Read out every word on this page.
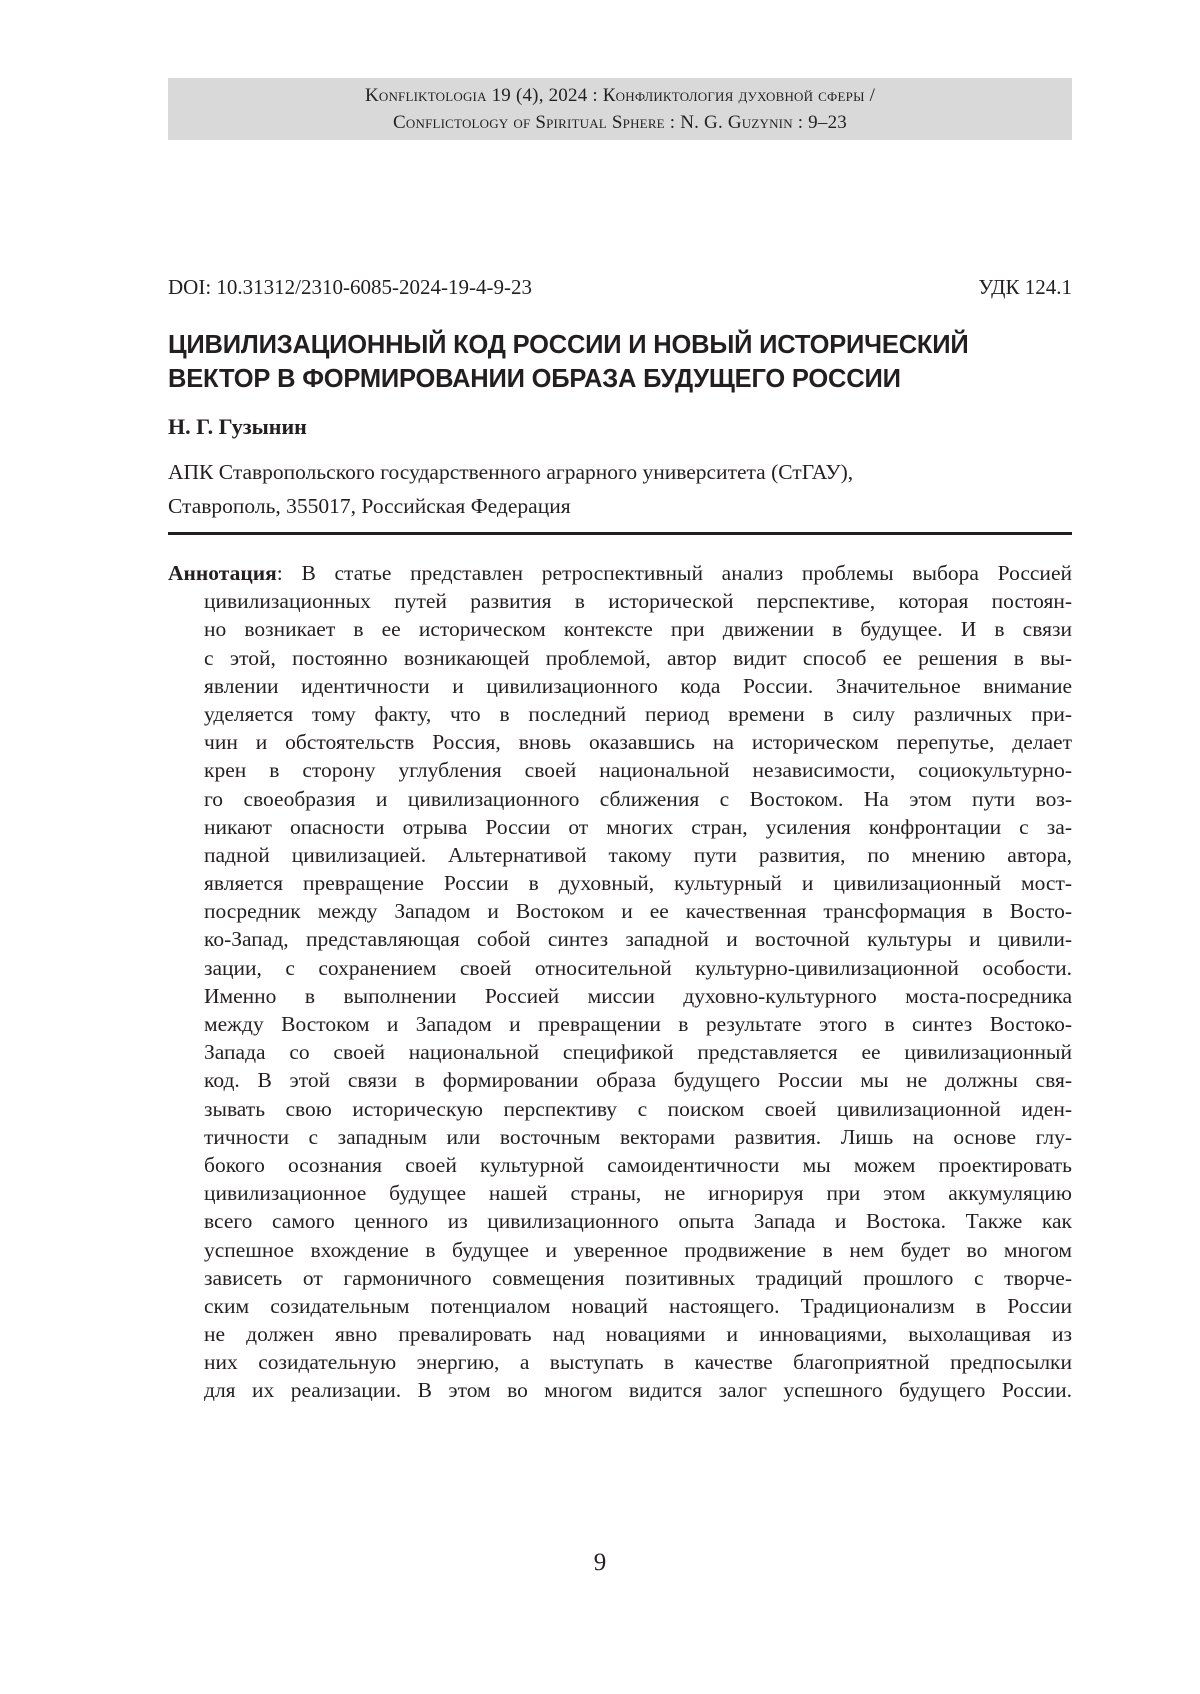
Konfliktologia 19 (4), 2024 : Конфликтология духовной сферы /
Conflictology of Spiritual Sphere : N. G. Guzynin : 9–23
DOI: 10.31312/2310-6085-2024-19-4-9-23	УДК 124.1
ЦИВИЛИЗАЦИОННЫЙ КОД РОССИИ И НОВЫЙ ИСТОРИЧЕСКИЙ
ВЕКТОР В ФОРМИРОВАНИИ ОБРАЗА БУДУЩЕГО РОССИИ
Н. Г. Гузынин
АПК Ставропольского государственного аграрного университета (СтГАУ),
Ставрополь, 355017, Российская Федерация
Аннотация: В статье представлен ретроспективный анализ проблемы выбора Россией
цивилизационных путей развития в исторической перспективе, которая постоян-
но возникает в ее историческом контексте при движении в будущее. И в связи
с этой, постоянно возникающей проблемой, автор видит способ ее решения в вы-
явлении идентичности и цивилизационного кода России. Значительное внимание
уделяется тому факту, что в последний период времени в силу различных при-
чин и обстоятельств Россия, вновь оказавшись на историческом перепутье, делает
крен в сторону углубления своей национальной независимости, социокультурно-
го своеобразия и цивилизационного сближения с Востоком. На этом пути воз-
никают опасности отрыва России от многих стран, усиления конфронтации с за-
падной цивилизацией. Альтернативой такому пути развития, по мнению автора,
является превращение России в духовный, культурный и цивилизационный мост-
посредник между Западом и Востоком и ее качественная трансформация в Восто-
ко-Запад, представляющая собой синтез западной и восточной культуры и цивили-
зации, с сохранением своей относительной культурно-цивилизационной особости.
Именно в выполнении Россией миссии духовно-культурного моста-посредника
между Востоком и Западом и превращении в результате этого в синтез Востоко-
Запада со своей национальной спецификой представляется ее цивилизационный
код. В этой связи в формировании образа будущего России мы не должны свя-
зывать свою историческую перспективу с поиском своей цивилизационной иден-
тичности с западным или восточным векторами развития. Лишь на основе глу-
бокого осознания своей культурной самоидентичности мы можем проектировать
цивилизационное будущее нашей страны, не игнорируя при этом аккумуляцию
всего самого ценного из цивилизационного опыта Запада и Востока. Также как
успешное вхождение в будущее и уверенное продвижение в нем будет во многом
зависеть от гармоничного совмещения позитивных традиций прошлого с творче-
ским созидательным потенциалом новаций настоящего. Традиционализм в России
не должен явно превалировать над новациями и инновациями, выхолащивая из
них созидательную энергию, а выступать в качестве благоприятной предпосылки
для их реализации. В этом во многом видится залог успешного будущего России.
9
